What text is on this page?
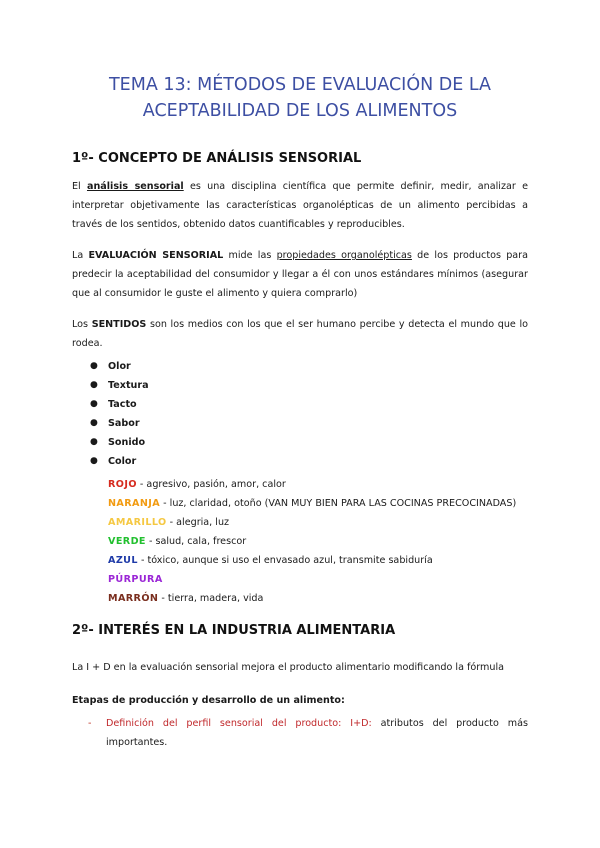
TEMA 13: MÉTODOS DE EVALUACIÓN DE LA
ACEPTABILIDAD DE LOS ALIMENTOS
1º- CONCEPTO DE ANÁLISIS SENSORIAL

El análisis sensorial es una disciplina científica que permite definir, medir, analizar e interpretar objetivamente las características organolépticas de un alimento percibidas a través de los sentidos, obtenido datos cuantificables y reproducibles.

La EVALUACIÓN SENSORIAL mide las propiedades organolépticas de los productos para predecir la aceptabilidad del consumidor y llegar a él con unos estándares mínimos (asegurar que al consumidor le guste el alimento y quiera comprarlo)

Los SENTIDOS son los medios con los que el ser humano percibe y detecta el mundo que lo rodea.

● Olor
● Textura
● Tacto
● Sabor
● Sonido
● Color
ROJO - agresivo, pasión, amor, calor
NARANJA - luz, claridad, otoño (VAN MUY BIEN PARA LAS COCINAS PRECOCINADAS)
AMARILLO - alegria, luz
VERDE - salud, cala, frescor
AZUL - tóxico, aunque si uso el envasado azul, transmite sabiduría
PÚRPURA
MARRÓN - tierra, madera, vida
2º- INTERÉS EN LA INDUSTRIA ALIMENTARIA

La I + D en la evaluación sensorial mejora el producto alimentario modificando la fórmula

Etapas de producción y desarrollo de un alimento:
- Definición del perfil sensorial del producto: I+D: atributos del producto más importantes.
